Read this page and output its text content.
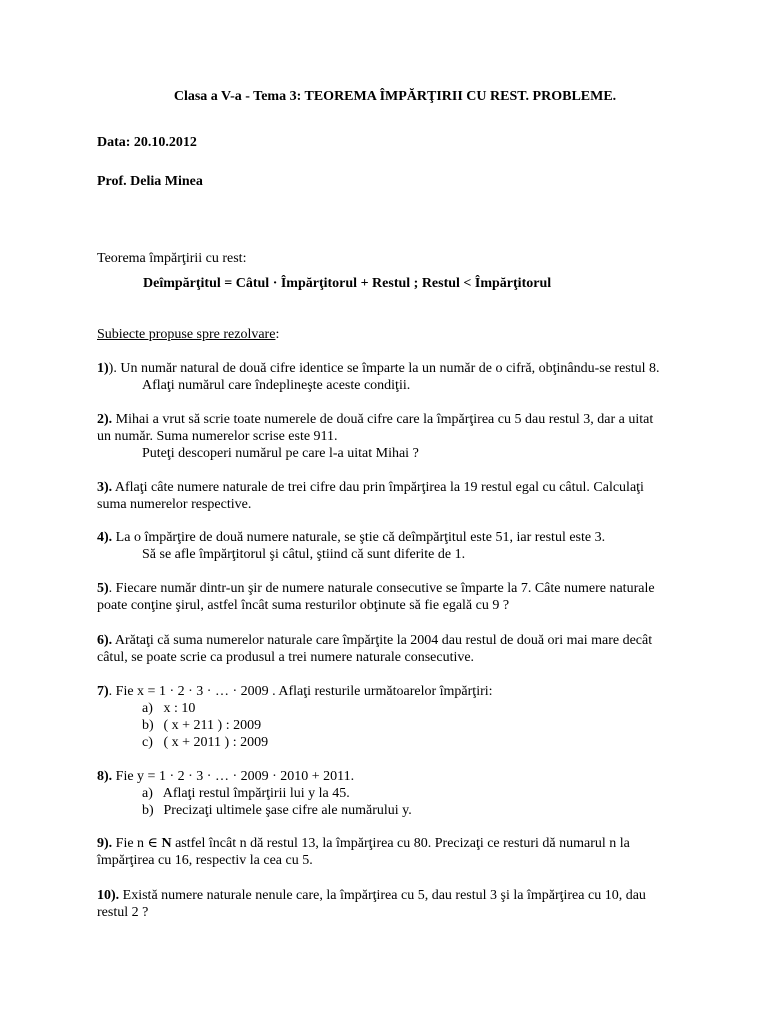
Clasa a V-a - Tema 3: TEOREMA ÎMPĂRŢIRII CU REST. PROBLEME.
Data: 20.10.2012
Prof. Delia Minea
Teorema împărţirii cu rest:
Deîmpărţitul = Câtul · Împărţitorul + Restul ; Restul < Împărţitorul
Subiecte propuse spre rezolvare:
1)). Un număr natural de două cifre identice se împarte la un număr de o cifră, obţinându-se restul 8.
Aflaţi numărul care îndeplineşte aceste condiţii.
2). Mihai a vrut să scrie toate numerele de două cifre care la împărţirea cu 5 dau restul 3, dar a uitat
un număr. Suma numerelor scrise este 911.
Puteţi descoperi numărul pe care l-a uitat Mihai ?
3). Aflaţi câte numere naturale de trei cifre dau prin împărţirea la 19 restul egal cu câtul. Calculaţi
suma numerelor respective.
4). La o împărţire de două numere naturale, se ştie că deîmpărţitul este 51, iar restul este 3.
Să se afle împărţitorul şi câtul, ştiind că sunt diferite de 1.
5). Fiecare număr dintr-un şir de numere naturale consecutive se împarte la 7. Câte numere naturale
poate conţine şirul, astfel încât suma resturilor obţinute să fie egală cu 9 ?
6). Arătaţi că suma numerelor naturale care împărţite la 2004 dau restul de două ori mai mare decât
câtul, se poate scrie ca produsul a trei numere naturale consecutive.
7). Fie x = 1 · 2 · 3 · … · 2009 . Aflaţi resturile următoarelor împărţiri:
a) x : 10
b) ( x + 211 ) : 2009
c) ( x + 2011 ) : 2009
8). Fie y = 1 · 2 · 3 · … · 2009 · 2010 + 2011.
a) Aflaţi restul împărţirii lui y la 45.
b) Precizaţi ultimele şase cifre ale numărului y.
9). Fie n ∈ N astfel încât n dă restul 13, la împărţirea cu 80. Precizaţi ce resturi dă numarul n la
împărţirea cu 16, respectiv la cea cu 5.
10). Există numere naturale nenule care, la împărţirea cu 5, dau restul 3 şi la împărţirea cu 10, dau
restul 2 ?
